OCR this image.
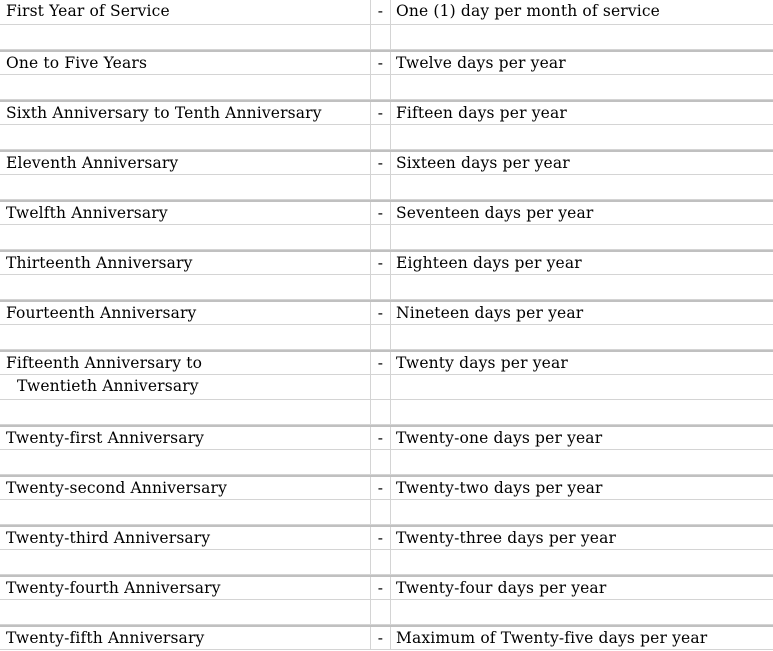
First Year of Service	- One (1) day per month of service
One to Five Years	- Twelve days per year
Sixth Anniversary to Tenth Anniversary	- Fifteen days per year
Eleventh Anniversary	- Sixteen days per year
Twelfth Anniversary	- Seventeen days per year
Thirteenth Anniversary	- Eighteen days per year
Fourteenth Anniversary	- Nineteen days per year
Fifteenth Anniversary to	- Twenty days per year
Twentieth Anniversary
Twenty-first Anniversary	- Twenty-one days per year
Twenty-second Anniversary	- Twenty-two days per year
Twenty-third Anniversary	- Twenty-three days per year
Twenty-fourth Anniversary	- Twenty-four days per year
Twenty-fifth Anniversary	- Maximum of Twenty-five days per year
